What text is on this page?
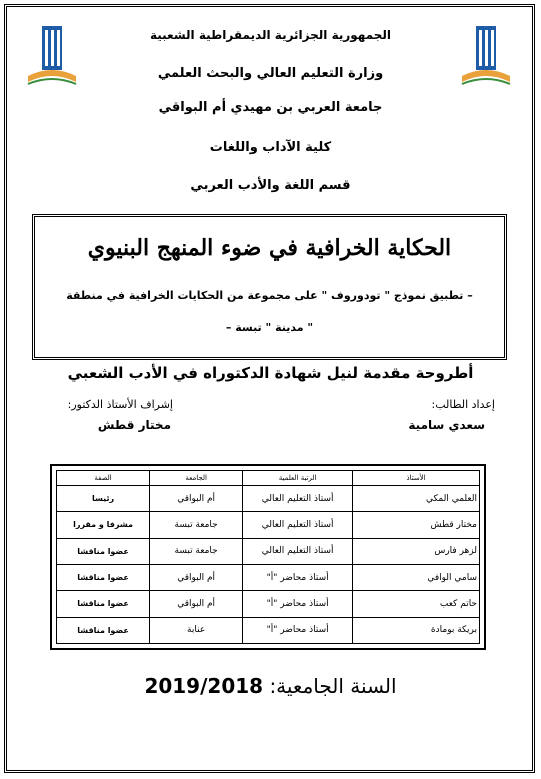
الجمهورية الجزائرية الديمقراطية الشعبية
وزارة التعليم العالي والبحث العلمي
جامعة العربي بن مهيدي أم البواقي
كلية الآداب واللغات
قسم اللغة والأدب العربي
الحكاية الخرافية في ضوء المنهج البنيوي
– تطبيق نموذج " تودوروف " على مجموعة من الحكايات الخرافية في منطقة
" مدينة " تبسة –
أطروحة مقدمة لنيل شهادة الدكتوراه في الأدب الشعبي
إعداد الطالب:
إشراف الأستاذ الدكتور:
سعدي سامية
مختار قطش
الأستاذ	الرتبة العلمية	الجامعة	الصفة
العلمي المكي	أستاذ التعليم العالي	أم البواقي	رئيسا
مختار قطش	أستاذ التعليم العالي	جامعة تبسة	مشرفا و مقررا
لزهر فارس	أستاذ التعليم العالي	جامعة تبسة	عضوا مناقشا
سامي الوافي	أستاذ محاضر "أ"	أم البواقي	عضوا مناقشا
حاتم كعب	أستاذ محاضر "أ"	أم البواقي	عضوا مناقشا
بريكة بومادة	أستاذ محاضر "أ"	عنابة	عضوا مناقشا
السنة الجامعية: 2019/2018
